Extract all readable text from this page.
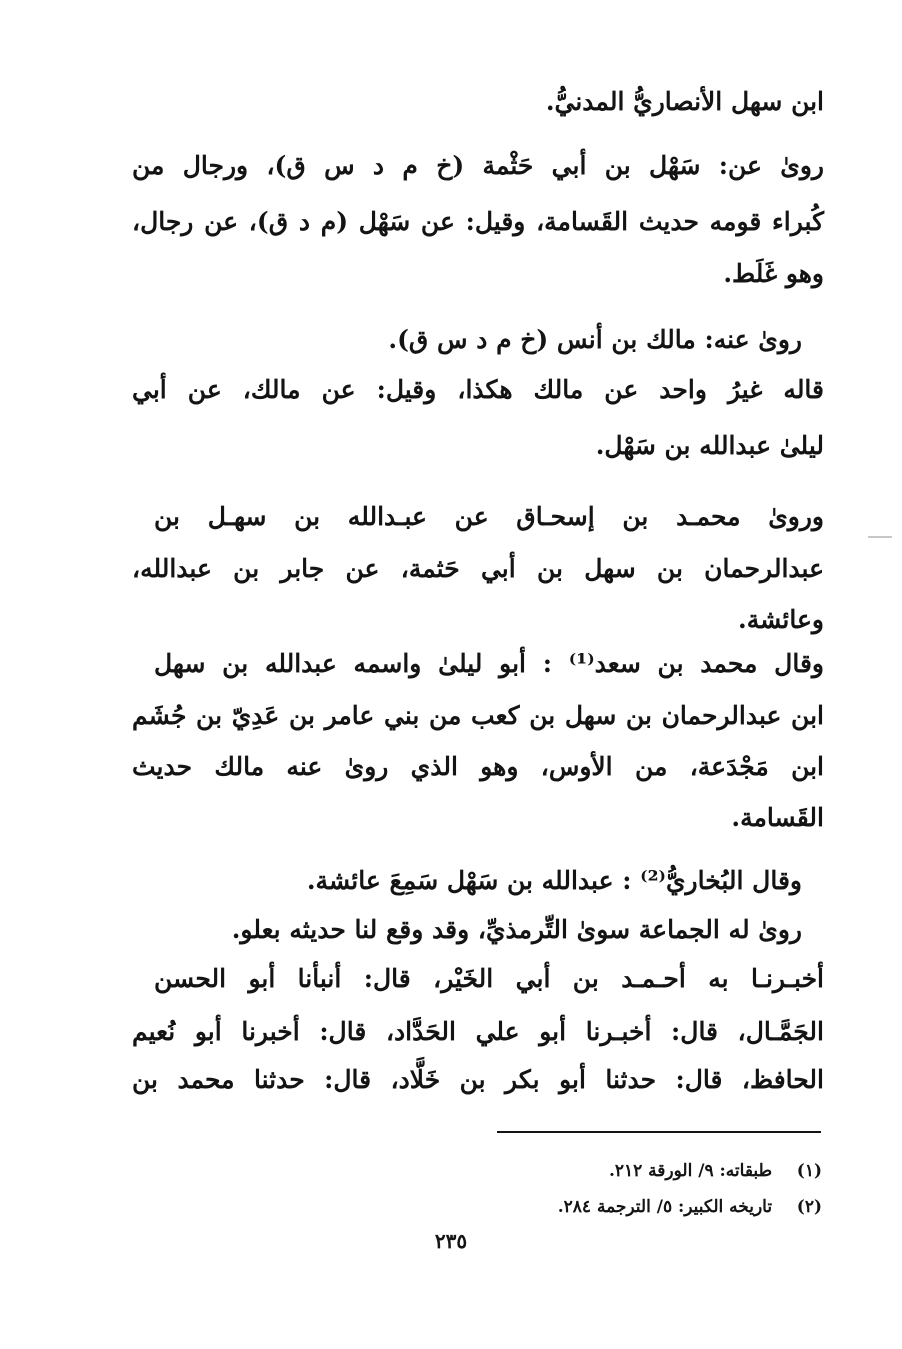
ابن سهل الأنصاريُّ المدنيُّ.
رویٰ عن: سَهْل بن أبي حَثْمة (خ م د س ق)، ورجال من
كُبراء قومه حديث القَسامة، وقيل: عن سَهْل (م د ق)، عن رجال،
وهو غَلَط.
رویٰ عنه: مالك بن أنس (خ م د س ق).
قاله غيرُ واحد عن مالك هكذا، وقيل: عن مالك، عن أبي
ليلیٰ عبدالله بن سَهْل.
ورویٰ محمـد بن إسحـاق عن عبـدالله بن سهـل بن
عبدالرحمان بن سهل بن أبي حَثمة، عن جابر بن عبدالله،
وعائشة.
وقال محمد بن سعد⁽¹⁾ : أبو ليلیٰ واسمه عبدالله بن سهل
ابن عبدالرحمان بن سهل بن كعب من بني عامر بن عَدِيّ بن جُشَم
ابن مَجْدَعة، من الأوس، وهو الذي رویٰ عنه مالك حديث
القَسامة.
وقال البُخاريُّ⁽²⁾ : عبدالله بن سَهْل سَمِعَ عائشة.
رویٰ له الجماعة سویٰ التِّرمذيِّ، وقد وقع لنا حديثه بعلو.
أخبـرنـا به أحـمـد بن أبي الخَيْر، قال: أنبأنا أبو الحسن
الجَمَّـال، قال: أخبـرنا أبو علي الحَدَّاد، قال: أخبرنا أبو نُعيم
الحافظ، قال: حدثنا أبو بكر بن خَلَّاد، قال: حدثنا محمد بن
(١) طبقاته: ٩/ الورقة ٢١٢.
(٢) تاريخه الكبير: ٥/ الترجمة ٢٨٤.
٢٣٥
